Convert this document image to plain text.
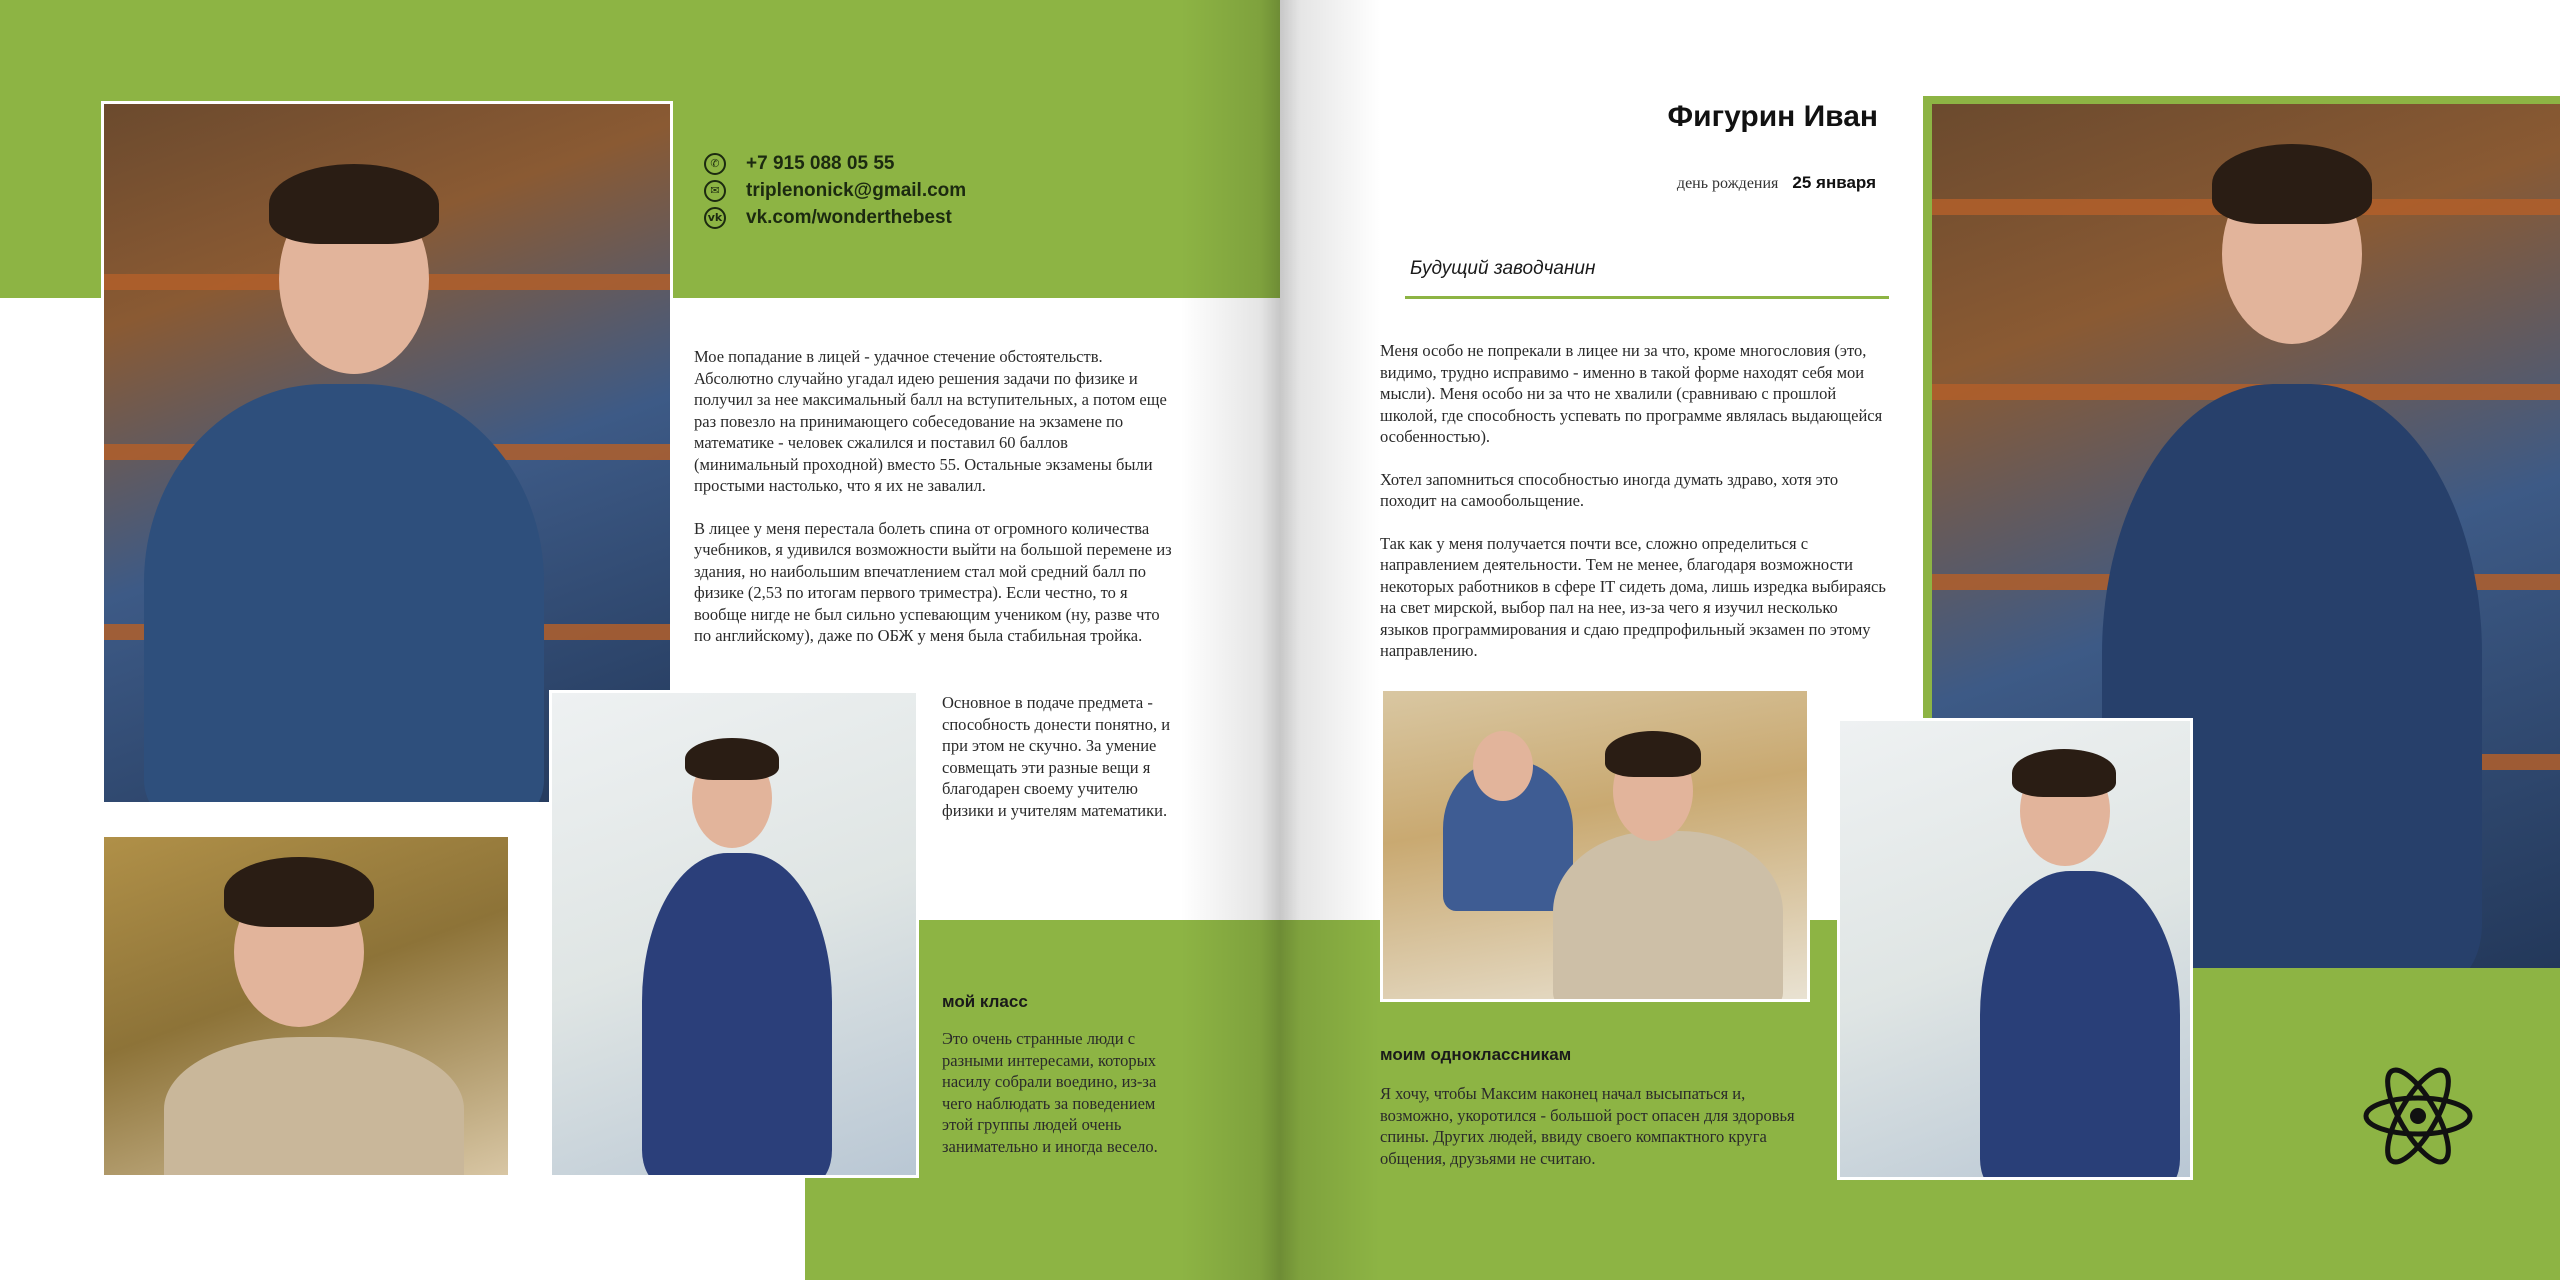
✆	+7 915 088 05 55
✉	triplenonick@gmail.com
vk vk.com/wonderthebest

Мое попадание в лицей - удачное стечение обстоятельств. Абсолютно случайно угадал идею решения задачи по физике и получил за нее максимальный балл на вступительных, а потом еще раз повезло на принимающего собеседование на экзамене по математике - человек сжалился и поставил 60 баллов (минимальный проходной) вместо 55. Остальные экзамены были простыми настолько, что я их не завалил.

В лицее у меня перестала болеть спина от огромного количества учебников, я удивился возможности выйти на большой перемене из здания, но наибольшим впечатлением стал мой средний балл по физике (2,53 по итогам первого триместра). Если честно, то я вообще нигде не был сильно успевающим учеником (ну, разве что по английскому), даже по ОБЖ у меня была стабильная тройка.

Основное в подаче предмета - способность донести понятно, и при этом не скучно. За умение совмещать эти разные вещи я благодарен своему учителю физики и учителям математики.

мой класс
Это очень странные люди с разными интересами, которых насилу собрали воедино, из-за чего наблюдать за поведением этой группы людей очень занимательно и иногда весело.
Фигурин Иван
день рождения 25 января
Будущий заводчанин

Меня особо не попрекали в лицее ни за что, кроме многословия (это, видимо, трудно исправимо - именно в такой форме находят себя мои мысли). Меня особо ни за что не хвалили (сравниваю с прошлой школой, где способность успевать по программе являлась выдающейся особенностью).

Хотел запомниться способностью иногда думать здраво, хотя это походит на самообольщение.

Так как у меня получается почти все, сложно определиться с направлением деятельности. Тем не менее, благодаря возможности некоторых работников в сфере IT сидеть дома, лишь изредка выбираясь на свет мирской, выбор пал на нее, из-за чего я изучил несколько языков программирования и сдаю предпрофильный экзамен по этому направлению.

моим одноклассникам
Я хочу, чтобы Максим наконец начал высыпаться и, возможно, укоротился - большой рост опасен для здоровья спины. Других людей, ввиду своего компактного круга общения, друзьями не считаю.
